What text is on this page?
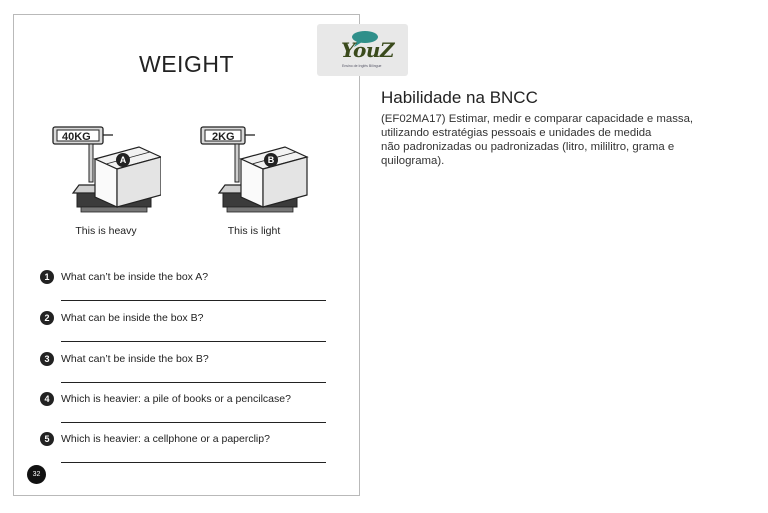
WEIGHT
40KG
A
This is heavy
2KG
B
This is light
1	What can’t be inside the box A?
2	What can be inside the box B?
3	What can’t be inside the box B?
4	Which is heavier: a pile of books or a pencilcase?
5	Which is heavier: a cellphone or a paperclip?
32
YouZ
Ensino de Inglês Bilíngue
Habilidade na BNCC
(EF02MA17) Estimar, medir e comparar capacidade e massa,
utilizando estratégias pessoais e unidades de medida
não padronizadas ou padronizadas (litro, mililitro, grama e
quilograma).
